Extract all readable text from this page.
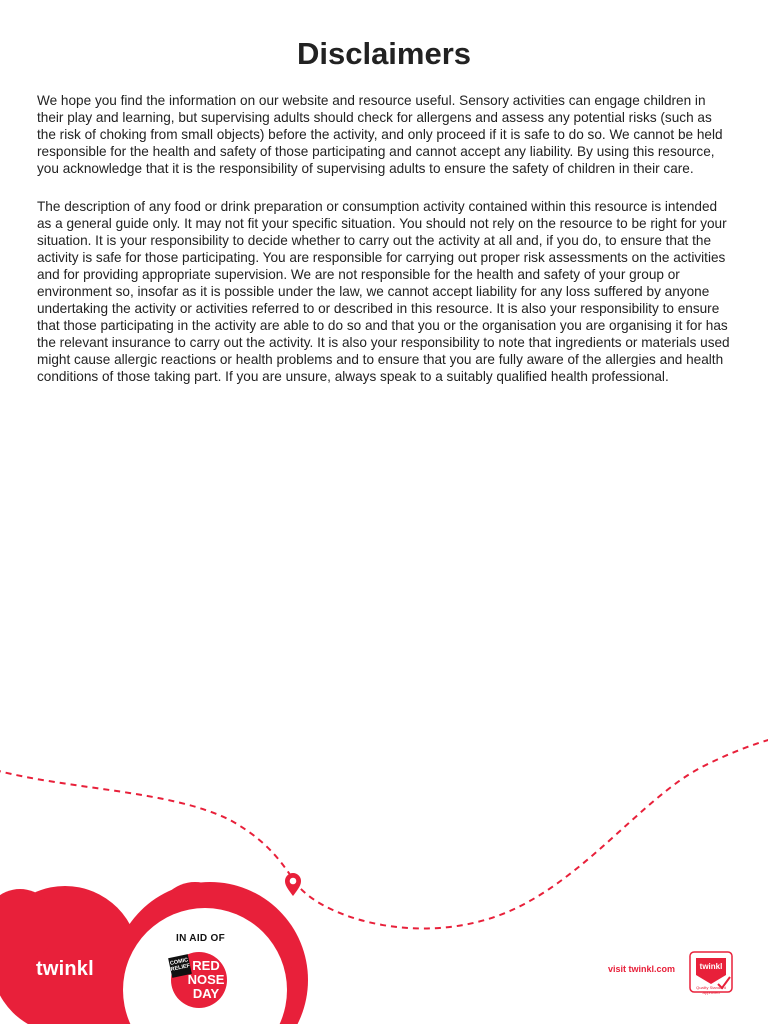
Disclaimers

We hope you find the information on our website and resource useful. Sensory activities can engage children in their play and learning, but supervising adults should check for allergens and assess any potential risks (such as the risk of choking from small objects) before the activity, and only proceed if it is safe to do so. We cannot be held responsible for the health and safety of those participating and cannot accept any liability. By using this resource, you acknowledge that it is the responsibility of supervising adults to ensure the safety of children in their care.

The description of any food or drink preparation or consumption activity contained within this resource is intended as a general guide only. It may not fit your specific situation. You should not rely on the resource to be right for your situation. It is your responsibility to decide whether to carry out the activity at all and, if you do, to ensure that the activity is safe for those participating. You are responsible for carrying out proper risk assessments on the activities and for providing appropriate supervision. We are not responsible for the health and safety of your group or environment so, insofar as it is possible under the law, we cannot accept liability for any loss suffered by anyone undertaking the activity or activities referred to or described in this resource. It is also your responsibility to ensure that those participating in the activity are able to do so and that you or the organisation you are organising it for has the relevant insurance to carry out the activity. It is also your responsibility to note that ingredients or materials used might cause allergic reactions or health problems and to ensure that you are fully aware of the allergies and health conditions of those taking part. If you are unsure, always speak to a suitably qualified health professional.

twinkl
IN AID OF
COMIC RELIEF RED
NOSE
DAY
visit twinkl.com	twinkl
Quality Standard Approved
